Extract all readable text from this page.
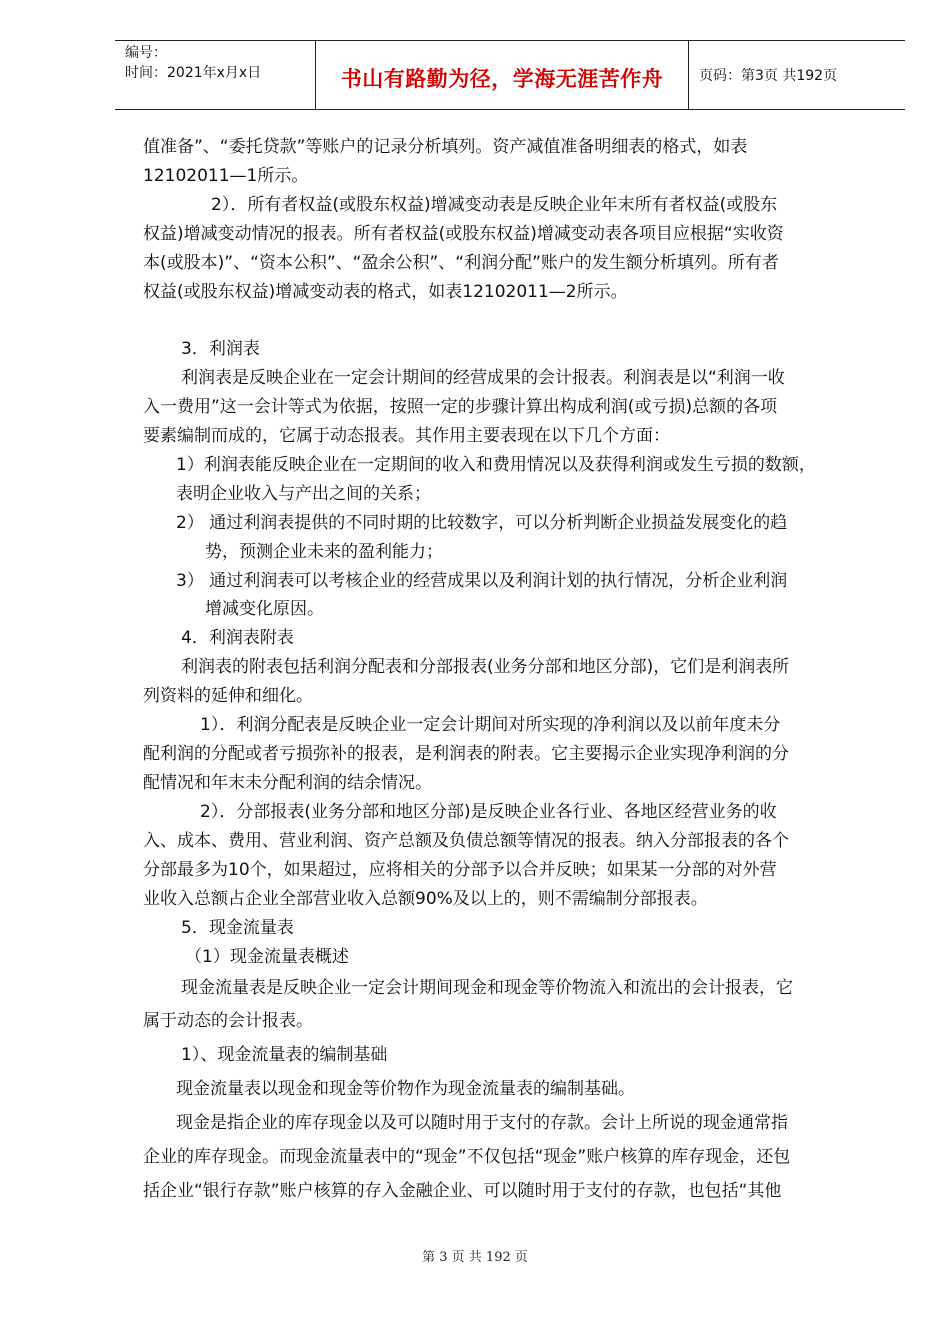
编号：
时间：2021年x月x日	书山有路勤为径，学海无涯苦作舟	页码：第3页 共192页
值准备”、“委托贷款”等账户的记录分析填列。资产减值准备明细表的格式，如表
12102011—1所示。
2）．所有者权益(或股东权益)增减变动表是反映企业年末所有者权益(或股东
权益)增减变动情况的报表。所有者权益(或股东权益)增减变动表各项目应根据“实收资
本(或股本)”、“资本公积”、“盈余公积”、“利润分配”账户的发生额分析填列。所有者
权益(或股东权益)增减变动表的格式，如表12102011—2所示。
3．利润表
利润表是反映企业在一定会计期间的经营成果的会计报表。利润表是以“利润一收
入一费用”这一会计等式为依据，按照一定的步骤计算出构成利润(或亏损)总额的各项
要素编制而成的，它属于动态报表。其作用主要表现在以下几个方面：
1）利润表能反映企业在一定期间的收入和费用情况以及获得利润或发生亏损的数额，
表明企业收入与产出之间的关系；
2） 通过利润表提供的不同时期的比较数字，可以分析判断企业损益发展变化的趋
势，预测企业未来的盈利能力；
3） 通过利润表可以考核企业的经营成果以及利润计划的执行情况，分析企业利润
增减变化原因。
4．利润表附表
利润表的附表包括利润分配表和分部报表(业务分部和地区分部)，它们是利润表所
列资料的延伸和细化。
1）．利润分配表是反映企业一定会计期间对所实现的净利润以及以前年度未分
配利润的分配或者亏损弥补的报表，是利润表的附表。它主要揭示企业实现净利润的分
配情况和年末未分配利润的结余情况。
2）．分部报表(业务分部和地区分部)是反映企业各行业、各地区经营业务的收
入、成本、费用、营业利润、资产总额及负债总额等情况的报表。纳入分部报表的各个
分部最多为10个，如果超过，应将相关的分部予以合并反映；如果某一分部的对外营
业收入总额占企业全部营业收入总额90%及以上的，则不需编制分部报表。
5．现金流量表
（1）现金流量表概述
现金流量表是反映企业一定会计期间现金和现金等价物流入和流出的会计报表，它
属于动态的会计报表。
1）、现金流量表的编制基础
现金流量表以现金和现金等价物作为现金流量表的编制基础。
现金是指企业的库存现金以及可以随时用于支付的存款。会计上所说的现金通常指
企业的库存现金。而现金流量表中的“现金”不仅包括“现金”账户核算的库存现金，还包
括企业“银行存款”账户核算的存入金融企业、可以随时用于支付的存款，也包括“其他
第 3 页 共 192 页
